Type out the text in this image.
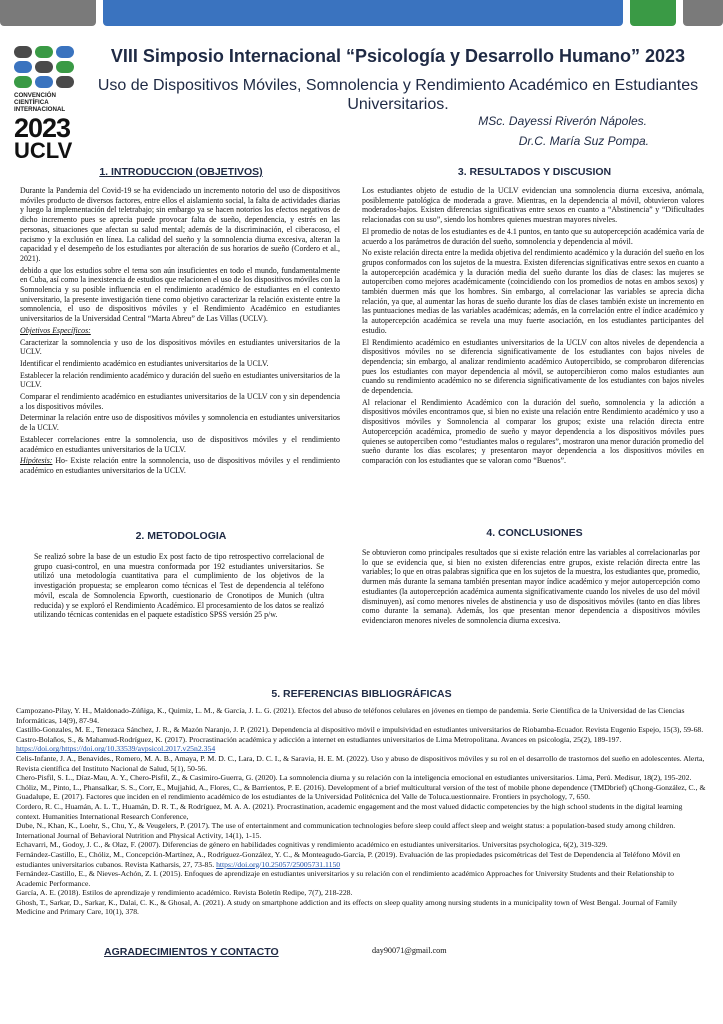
CONVENCIÓN
CIENTÍFICA
INTERNACIONAL
2023
UCLV
VIII Simposio Internacional “Psicología y Desarrollo Humano” 2023
Uso de Dispositivos Móviles, Somnolencia y Rendimiento Académico en Estudiantes Universitarios.
MSc. Dayessi Riverón Nápoles.
Dr.C. María Suz Pompa.
1. INTRODUCCION (OBJETIVOS)

Durante la Pandemia del Covid-19 se ha evidenciado un incremento notorio del uso de dispositivos móviles producto de diversos factores, entre ellos el aislamiento social, la falta de actividades diarias y luego la implementación del teletrabajo; sin embargo ya se hacen notorios los efectos negativos de dicho incremento pues se aprecia puede provocar falta de sueño, dependencia, y estrés en las personas, situaciones que afectan su salud mental; además de la discriminación, el ciberacoso, el racismo y la exclusión en línea. La calidad del sueño y la somnolencia diurna excesiva, alteran la capacidad y el desempeño de los estudiantes por alteración de sus horarios de sueño (Cordero et al., 2021).

debido a que los estudios sobre el tema son aún insuficientes en todo el mundo, fundamentalmente en Cuba, así como la inexistencia de estudios que relacionen el uso de los dispositivos móviles con la Somnolencia y su posible influencia en el rendimiento académico de estudiantes en el contexto universitario, la presente investigación tiene como objetivo caracterizar la relación existente entre la somnolencia, el uso de dispositivos móviles y el Rendimiento Académico en estudiantes universitarios de la Universidad Central “Marta Abreu” de Las Villas (UCLV).

Objetivos Específicos:

Caracterizar la somnolencia y uso de los dispositivos móviles en estudiantes universitarios de la UCLV.

Identificar el rendimiento académico en estudiantes universitarios de la UCLV.

Establecer la relación rendimiento académico y duración del sueño en estudiantes universitarios de la UCLV.

Comparar el rendimiento académico en estudiantes universitarios de la UCLV con y sin dependencia a los dispositivos móviles.

Determinar la relación entre uso de dispositivos móviles y somnolencia en estudiantes universitarios de la UCLV.

Establecer correlaciones entre la somnolencia, uso de dispositivos móviles y el rendimiento académico en estudiantes universitarios de la UCLV.

Hipótesis: Ho- Existe relación entre la somnolencia, uso de dispositivos móviles y el rendimiento académico en estudiantes universitarios de la UCLV.

3. RESULTADOS Y DISCUSION

Los estudiantes objeto de estudio de la UCLV evidencian una somnolencia diurna excesiva, anómala, posiblemente patológica de moderada a grave. Mientras, en la dependencia al móvil, obtuvieron valores moderados-bajos. Existen diferencias significativas entre sexos en cuanto a “Abstinencia” y “Dificultades relacionadas con su uso”, siendo los hombres quienes muestran mayores niveles.

El promedio de notas de los estudiantes es de 4.1 puntos, en tanto que su autopercepción académica varía de acuerdo a los parámetros de duración del sueño, somnolencia y dependencia al móvil.

No existe relación directa entre la medida objetiva del rendimiento académico y la duración del sueño en los grupos conformados con los sujetos de la muestra. Existen diferencias significativas entre sexos en cuanto a la autopercepción académica y la duración media del sueño durante los días de clases: las mujeres se autoperciben como mejores académicamente (coincidiendo con los promedios de notas en ambos sexos) y también duermen más que los hombres. Sin embargo, al correlacionar las variables se aprecia dicha relación, ya que, al aumentar las horas de sueño durante los días de clases también existe un incremento en las puntuaciones medias de las variables académicas; además, en la correlación entre el índice académico y la autopercepción académica se revela una muy fuerte asociación, en los estudiantes participantes del estudio.

El Rendimiento académico en estudiantes universitarios de la UCLV con altos niveles de dependencia a dispositivos móviles no se diferencia significativamente de los estudiantes con bajos niveles de dependencia; sin embargo, al analizar rendimiento académico Autopercibido, se comprobaron diferencias pues los estudiantes con mayor dependencia al móvil, se autopercibieron como malos estudiantes aun cuando su rendimiento académico no se diferencia significativamente de los estudiantes con bajos niveles de dependencia.

Al relacionar el Rendimiento Académico con la duración del sueño, somnolencia y la adicción a dispositivos móviles encontramos que, si bien no existe una relación entre Rendimiento académico y uso a dispositivos móviles y Somnolencia al comparar los grupos; existe una relación directa entre Autopercepción académica, promedio de sueño y mayor dependencia a los dispositivos móviles pues quienes se autoperciben como “estudiantes malos o regulares”, mostraron una menor duración promedio del sueño durante los días escolares; y presentaron mayor dependencia a los dispositivos móviles en comparación con los estudiantes que se valoran como “Buenos”.

2. METODOLOGIA

Se realizó sobre la base de un estudio Ex post facto de tipo retrospectivo correlacional de grupo cuasi-control, en una muestra conformada por 192 estudiantes universitarios. Se utilizó una metodología cuantitativa para el cumplimiento de los objetivos de la investigación propuesta; se emplearon como técnicas el Test de dependencia al teléfono móvil, escala de Somnolencia Epworth, cuestionario de Cronotipos de Munich (ultra reducida) y se exploró el Rendimiento Académico. El procesamiento de los datos se realizó utilizando técnicas contenidas en el paquete estadístico SPSS versión 25 p/w.

4. CONCLUSIONES

Se obtuvieron como principales resultados que si existe relación entre las variables al correlacionarlas por lo que se evidencia que, si bien no existen diferencias entre grupos, existe relación directa entre las variables; lo que en otras palabras significa que en los sujetos de la muestra, los estudiantes que, promedio, durmen más durante la semana también presentan mayor índice académico y mejor autopercepción como estudiantes (la autopercepción académica aumenta significativamente cuando los niveles de uso del móvil disminuyen), así como menores niveles de abstinencia y uso de dispositivos móviles (tanto en días libres como durante la semana). Además, los que presentan menor dependencia a dispositivos móviles evidenciaron menores niveles de somnolencia diurna excesiva.

5. REFERENCIAS BIBLIOGRÁFICAS
Campozano-Pilay, Y. H., Maldonado-Zúñiga, K., Quimiz, L. M., & García, J. L. G. (2021). Efectos del abuso de teléfonos celulares en jóvenes en tiempo de pandemia. Serie Científica de la Universidad de las Ciencias Informáticas, 14(9), 87-94.
Castillo-Gonzales, M. E., Tenezaca Sánchez, J. R., & Mazón Naranjo, J. P. (2021). Dependencia al dispositivo móvil e impulsividad en estudiantes universitarios de Riobamba-Ecuador. Revista Eugenio Espejo, 15(3), 59-68.
Castro-Bolaños, S., & Mahamud-Rodríguez, K. (2017). Procrastinación académica y adicción a internet en estudiantes universitarios de Lima Metropolitana. Avances en psicología, 25(2), 189-197.
https://doi.org/https://doi.org/10.33539/avpsicol.2017.v25n2.354
Celis-Infante, J. A., Benavides., Romero, M. A. B., Amaya, P. M. D. C., Lara, D. C. I., & Saravia, H. E. M. (2022). Uso y abuso de dispositivos móviles y su rol en el desarrollo de trastornos del sueño en adolescentes. Alerta, Revista científica del Instituto Nacional de Salud, 5(1), 50-56.
Chero-Pisfil, S. L., Díaz-Mau, A. Y., Chero-Pisfil, Z., & Casimiro-Guerra, G. (2020). La somnolencia diurna y su relación con la inteligencia emocional en estudiantes universitarios. Lima, Perú. Medisur, 18(2), 195-202.
Chóliz, M., Pinto, L., Phansalkar, S. S., Corr, E., Mujjahid, A., Flores, C., & Barrientos, P. E. (2016). Development of a brief multicultural version of the test of mobile phone dependence (TMDbrief) qChong-González, C., & Guadalupe, E. (2017). Factores que inciden en el rendimiento académico de los estudiantes de la Universidad Politécnica del Valle de Toluca.uestionnaire. Frontiers in psychology, 7, 650.
Cordero, R. C., Huamán, A. L. T., Huamán, D. R. T., & Rodríguez, M. A. A. (2021). Procrastination, academic engagement and the most valued didactic competencies by the high school students in the digital learning context. Humanities International Research Conference,
Dube, N., Khan, K., Loehr, S., Chu, Y., & Veugelers, P. (2017). The use of entertainment and communication technologies before sleep could affect sleep and weight status: a population-based study among children. International Journal of Behavioral Nutrition and Physical Activity, 14(1), 1-15.
Echavarri, M., Godoy, J. C., & Olaz, F. (2007). Diferencias de género en habilidades cognitivas y rendimiento académico en estudiantes universitarios. Universitas psychologica, 6(2), 319-329.
Fernández-Castillo, E., Chóliz, M., Concepción-Martínez, A., Rodríguez-González, Y. C., & Monteagudo-García, P. (2019). Evaluación de las propiedades psicométricas del Test de Dependencia al Teléfono Móvil en estudiantes universitarios cubanos. Revista Katharsis, 27, 73-85. https://doi.org/10.25057/25005731.1150
Fernández-Castillo, E., & Nieves-Achón, Z. I. (2015). Enfoques de aprendizaje en estudiantes universitarios y su relación con el rendimiento académico Approaches for University Students and their Relationship to Academic Performance.
García, A. E. (2018). Estilos de aprendizaje y rendimiento académico. Revista Boletín Redipe, 7(7), 218-228.
Ghosh, T., Sarkar, D., Sarkar, K., Dalai, C. K., & Ghosal, A. (2021). A study on smartphone addiction and its effects on sleep quality among nursing students in a municipality town of West Bengal. Journal of Family Medicine and Primary Care, 10(1), 378.
AGRADECIMIENTOS Y CONTACTO	day90071@gmail.com
